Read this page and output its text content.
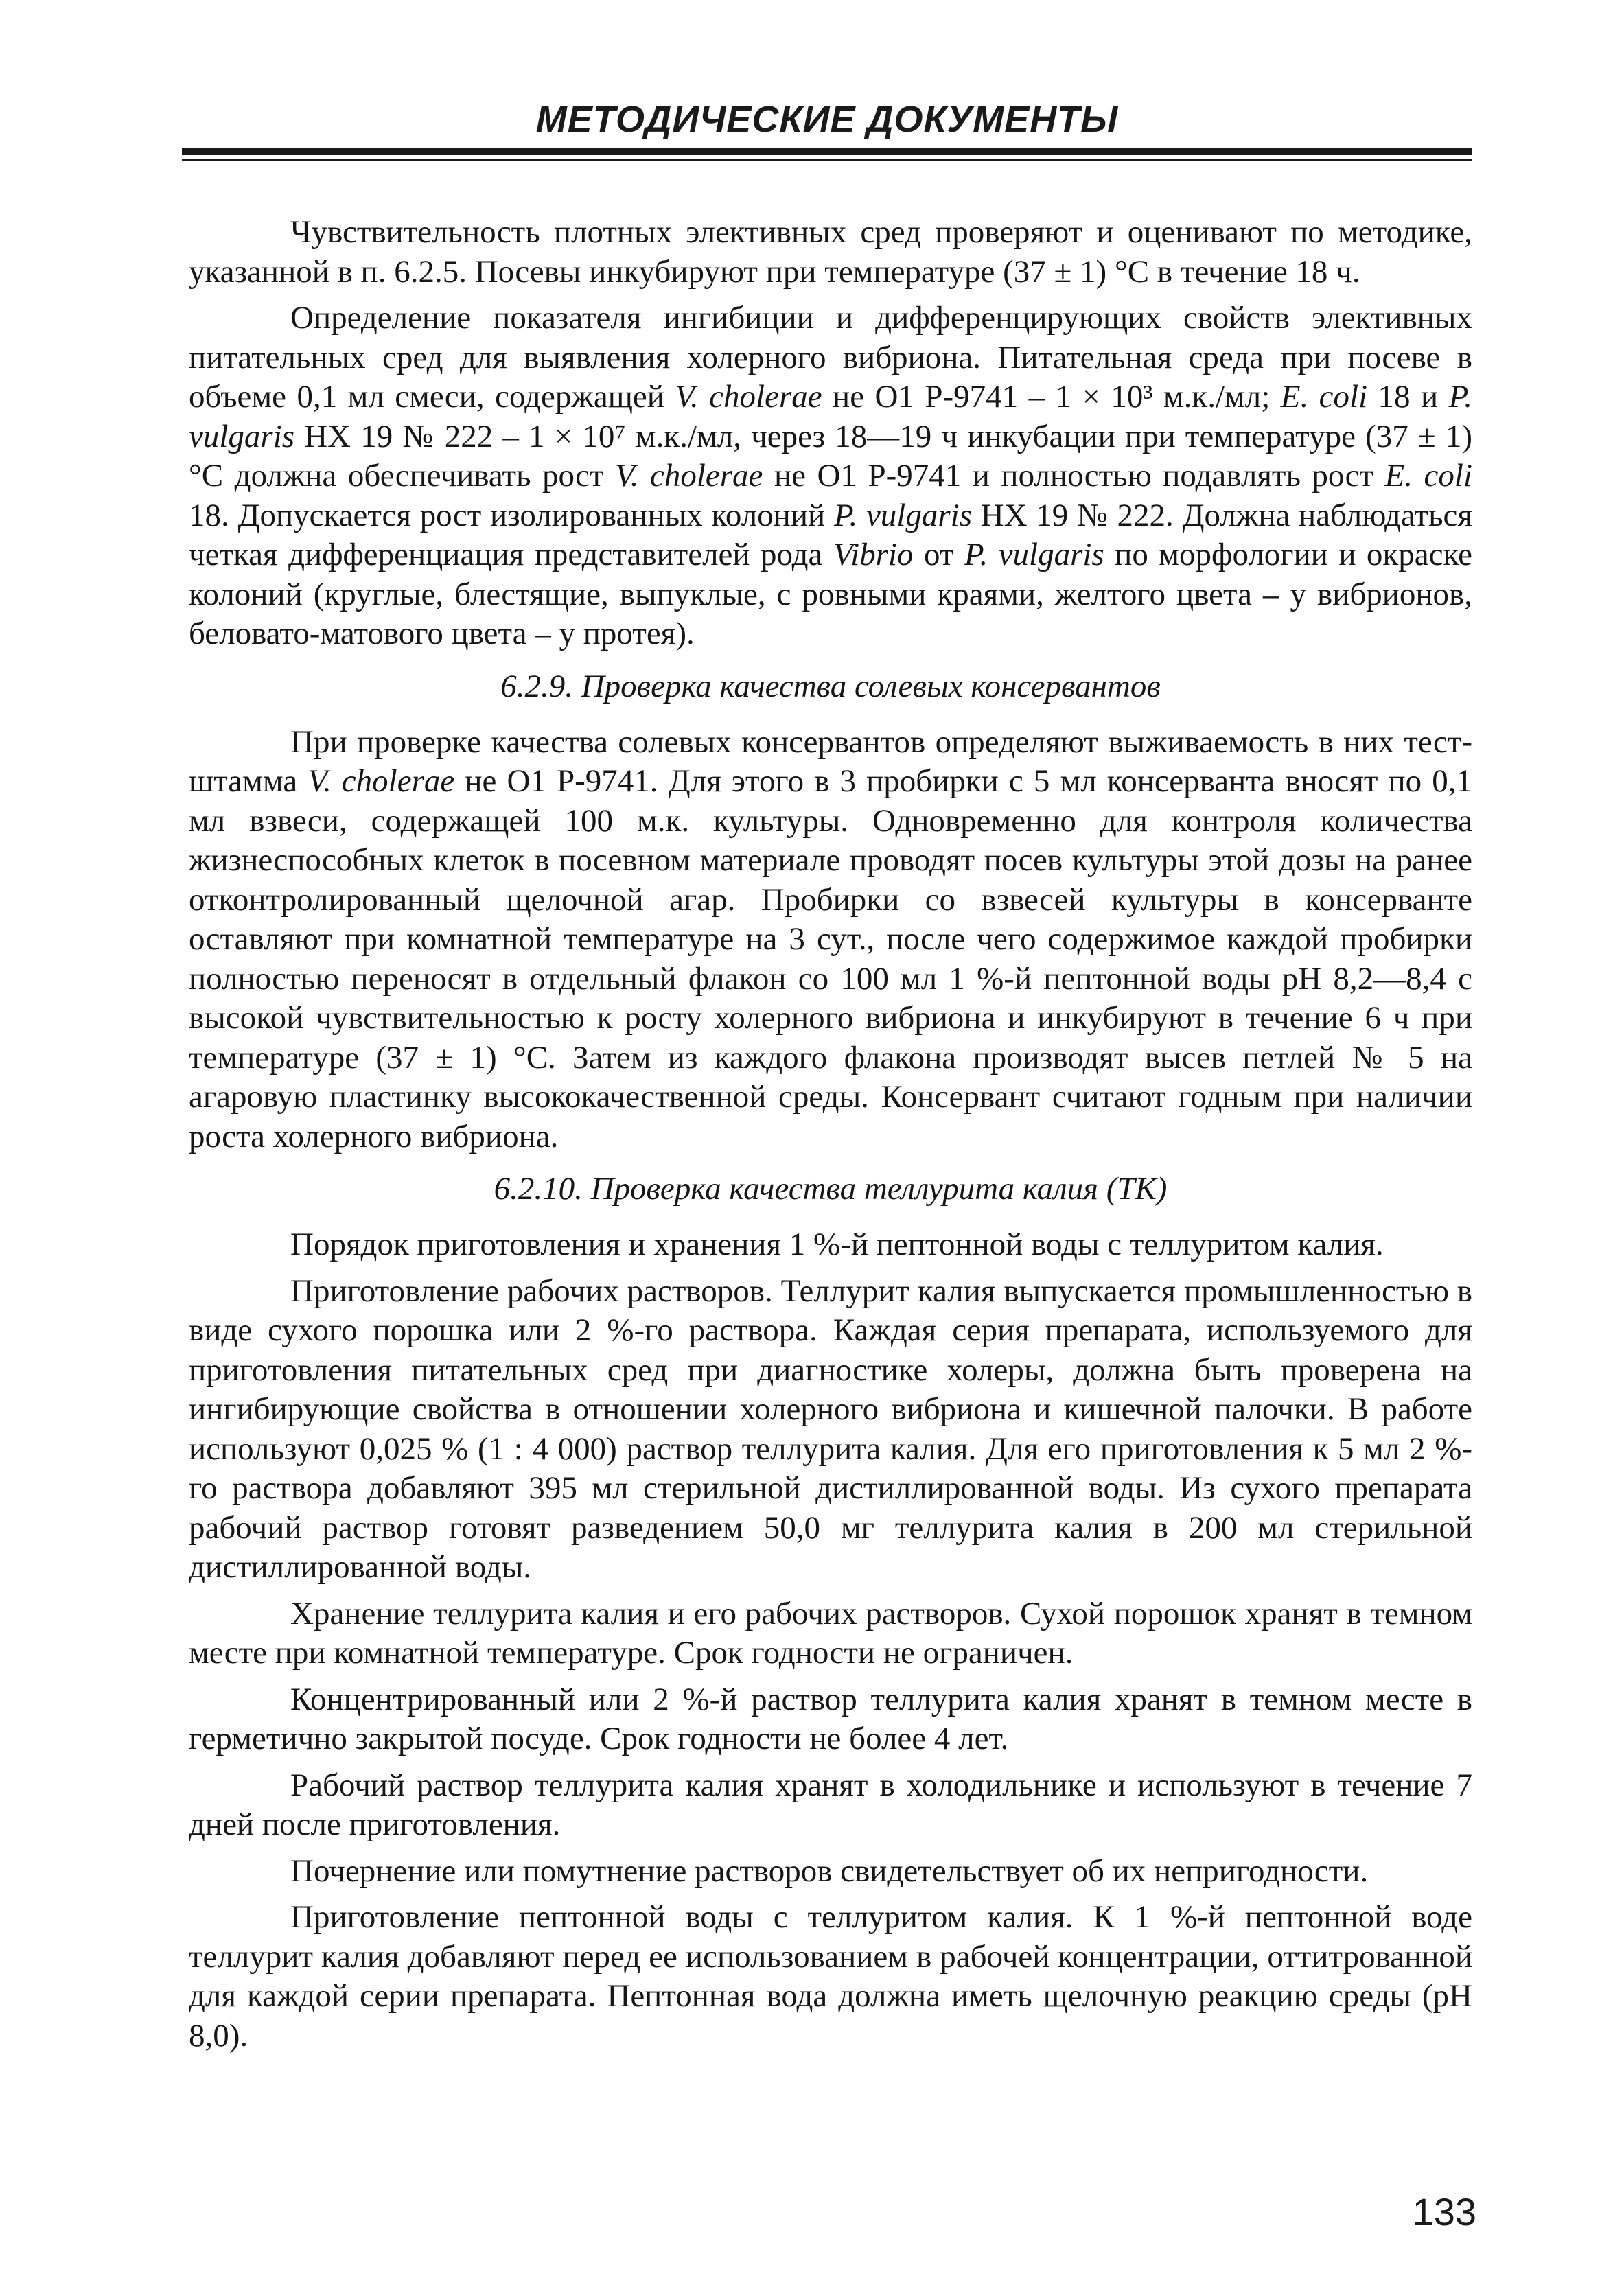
МЕТОДИЧЕСКИЕ ДОКУМЕНТЫ

Чувствительность плотных элективных сред проверяют и оценивают по методике, указанной в п. 6.2.5. Посевы инкубируют при температуре (37 ± 1) °С в течение 18 ч.

Определение показателя ингибиции и дифференцирующих свойств элективных питательных сред для выявления холерного вибриона. Питательная среда при посеве в объеме 0,1 мл смеси, содержащей V. cholerae не О1 Р-9741 – 1 × 10³ м.к./мл; E. coli 18 и P. vulgaris НХ 19 № 222 – 1 × 10⁷ м.к./мл, через 18—19 ч инкубации при температуре (37 ± 1) °С должна обеспечивать рост V. cholerae не О1 Р-9741 и полностью подавлять рост E. coli 18. Допускается рост изолированных колоний P. vulgaris НХ 19 № 222. Должна наблюдаться четкая дифференциация представителей рода Vibrio от P. vulgaris по морфологии и окраске колоний (круглые, блестящие, выпуклые, с ровными краями, желтого цвета – у вибрионов, беловато-матового цвета – у протея).

6.2.9. Проверка качества солевых консервантов

При проверке качества солевых консервантов определяют выживаемость в них тест-штамма V. cholerae не О1 Р-9741. Для этого в 3 пробирки с 5 мл консерванта вносят по 0,1 мл взвеси, содержащей 100 м.к. культуры. Одновременно для контроля количества жизнеспособных клеток в посевном материале проводят посев культуры этой дозы на ранее отконтролированный щелочной агар. Пробирки со взвесей культуры в консерванте оставляют при комнатной температуре на 3 сут., после чего содержимое каждой пробирки полностью переносят в отдельный флакон со 100 мл 1 %-й пептонной воды рН 8,2—8,4 с высокой чувствительностью к росту холерного вибриона и инкубируют в течение 6 ч при температуре (37 ± 1) °С. Затем из каждого флакона производят высев петлей № 5 на агаровую пластинку высококачественной среды. Консервант считают годным при наличии роста холерного вибриона.

6.2.10. Проверка качества теллурита калия (ТК)

Порядок приготовления и хранения 1 %-й пептонной воды с теллуритом калия.

Приготовление рабочих растворов. Теллурит калия выпускается промышленностью в виде сухого порошка или 2 %-го раствора. Каждая серия препарата, используемого для приготовления питательных сред при диагностике холеры, должна быть проверена на ингибирующие свойства в отношении холерного вибриона и кишечной палочки. В работе используют 0,025 % (1 : 4 000) раствор теллурита калия. Для его приготовления к 5 мл 2 %-го раствора добавляют 395 мл стерильной дистиллированной воды. Из сухого препарата рабочий раствор готовят разведением 50,0 мг теллурита калия в 200 мл стерильной дистиллированной воды.

Хранение теллурита калия и его рабочих растворов. Сухой порошок хранят в темном месте при комнатной температуре. Срок годности не ограничен.

Концентрированный или 2 %-й раствор теллурита калия хранят в темном месте в герметично закрытой посуде. Срок годности не более 4 лет.

Рабочий раствор теллурита калия хранят в холодильнике и используют в течение 7 дней после приготовления.

Почернение или помутнение растворов свидетельствует об их непригодности.

Приготовление пептонной воды с теллуритом калия. К 1 %-й пептонной воде теллурит калия добавляют перед ее использованием в рабочей концентрации, оттитрованной для каждой серии препарата. Пептонная вода должна иметь щелочную реакцию среды (рН 8,0).

133
